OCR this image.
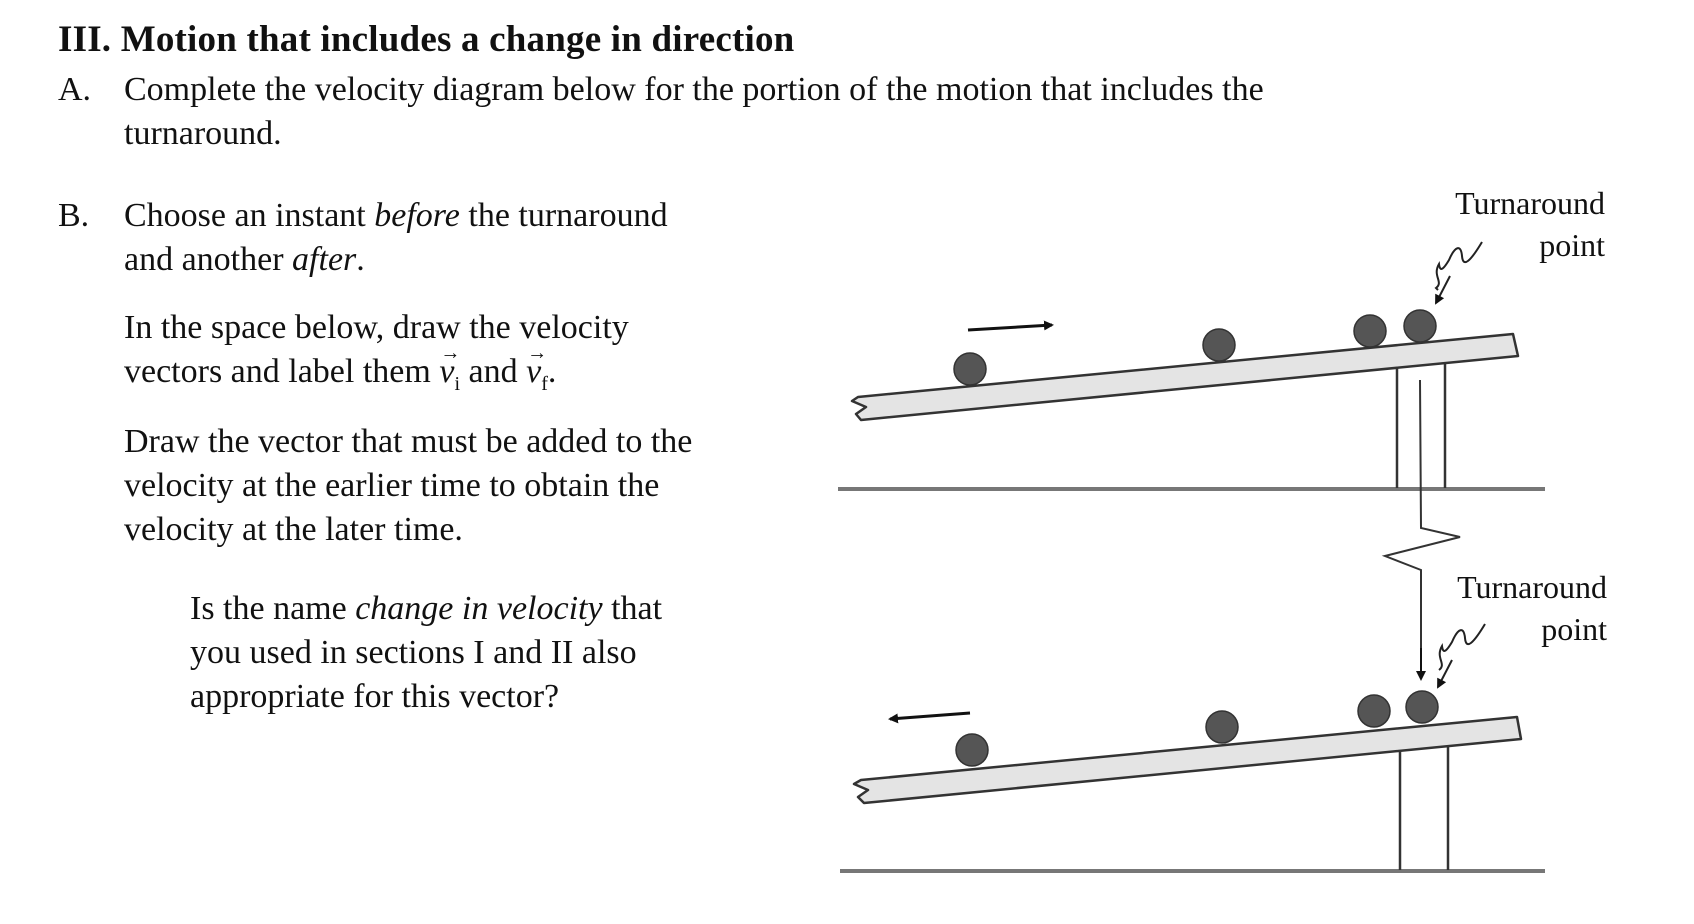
III. Motion that includes a change in direction
A. Complete the velocity diagram below for the portion of the motion that includes the
turnaround.
B. Choose an instant before the turnaround
and another after.
In the space below, draw the velocity
vectors and label them → $v_i$ and → $v_f$.
Draw the vector that must be added to the
velocity at the earlier time to obtain the
velocity at the later time.
Is the name change in velocity that
you used in sections I and II also
appropriate for this vector?
Turnaround
point
Turnaround
point
